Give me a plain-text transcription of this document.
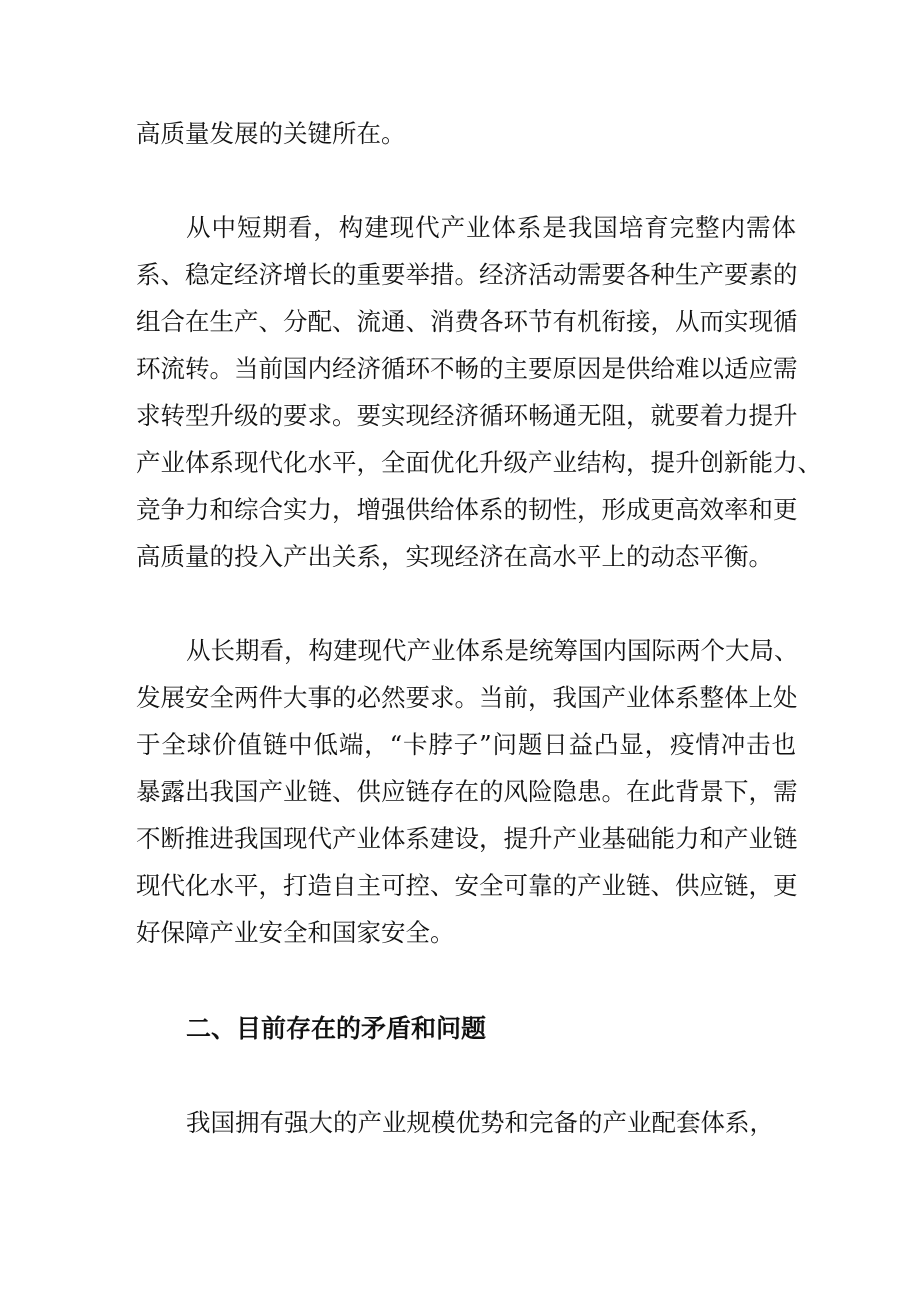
高质量发展的关键所在。
从中短期看，构建现代产业体系是我国培育完整内需体
系、稳定经济增长的重要举措。经济活动需要各种生产要素的
组合在生产、分配、流通、消费各环节有机衔接，从而实现循
环流转。当前国内经济循环不畅的主要原因是供给难以适应需
求转型升级的要求。要实现经济循环畅通无阻，就要着力提升
产业体系现代化水平，全面优化升级产业结构，提升创新能力、
竞争力和综合实力，增强供给体系的韧性，形成更高效率和更
高质量的投入产出关系，实现经济在高水平上的动态平衡。
从长期看，构建现代产业体系是统筹国内国际两个大局、
发展安全两件大事的必然要求。当前，我国产业体系整体上处
于全球价值链中低端，“卡脖子”问题日益凸显，疫情冲击也
暴露出我国产业链、供应链存在的风险隐患。在此背景下，需
不断推进我国现代产业体系建设，提升产业基础能力和产业链
现代化水平，打造自主可控、安全可靠的产业链、供应链，更
好保障产业安全和国家安全。
二、目前存在的矛盾和问题
我国拥有强大的产业规模优势和完备的产业配套体系，
